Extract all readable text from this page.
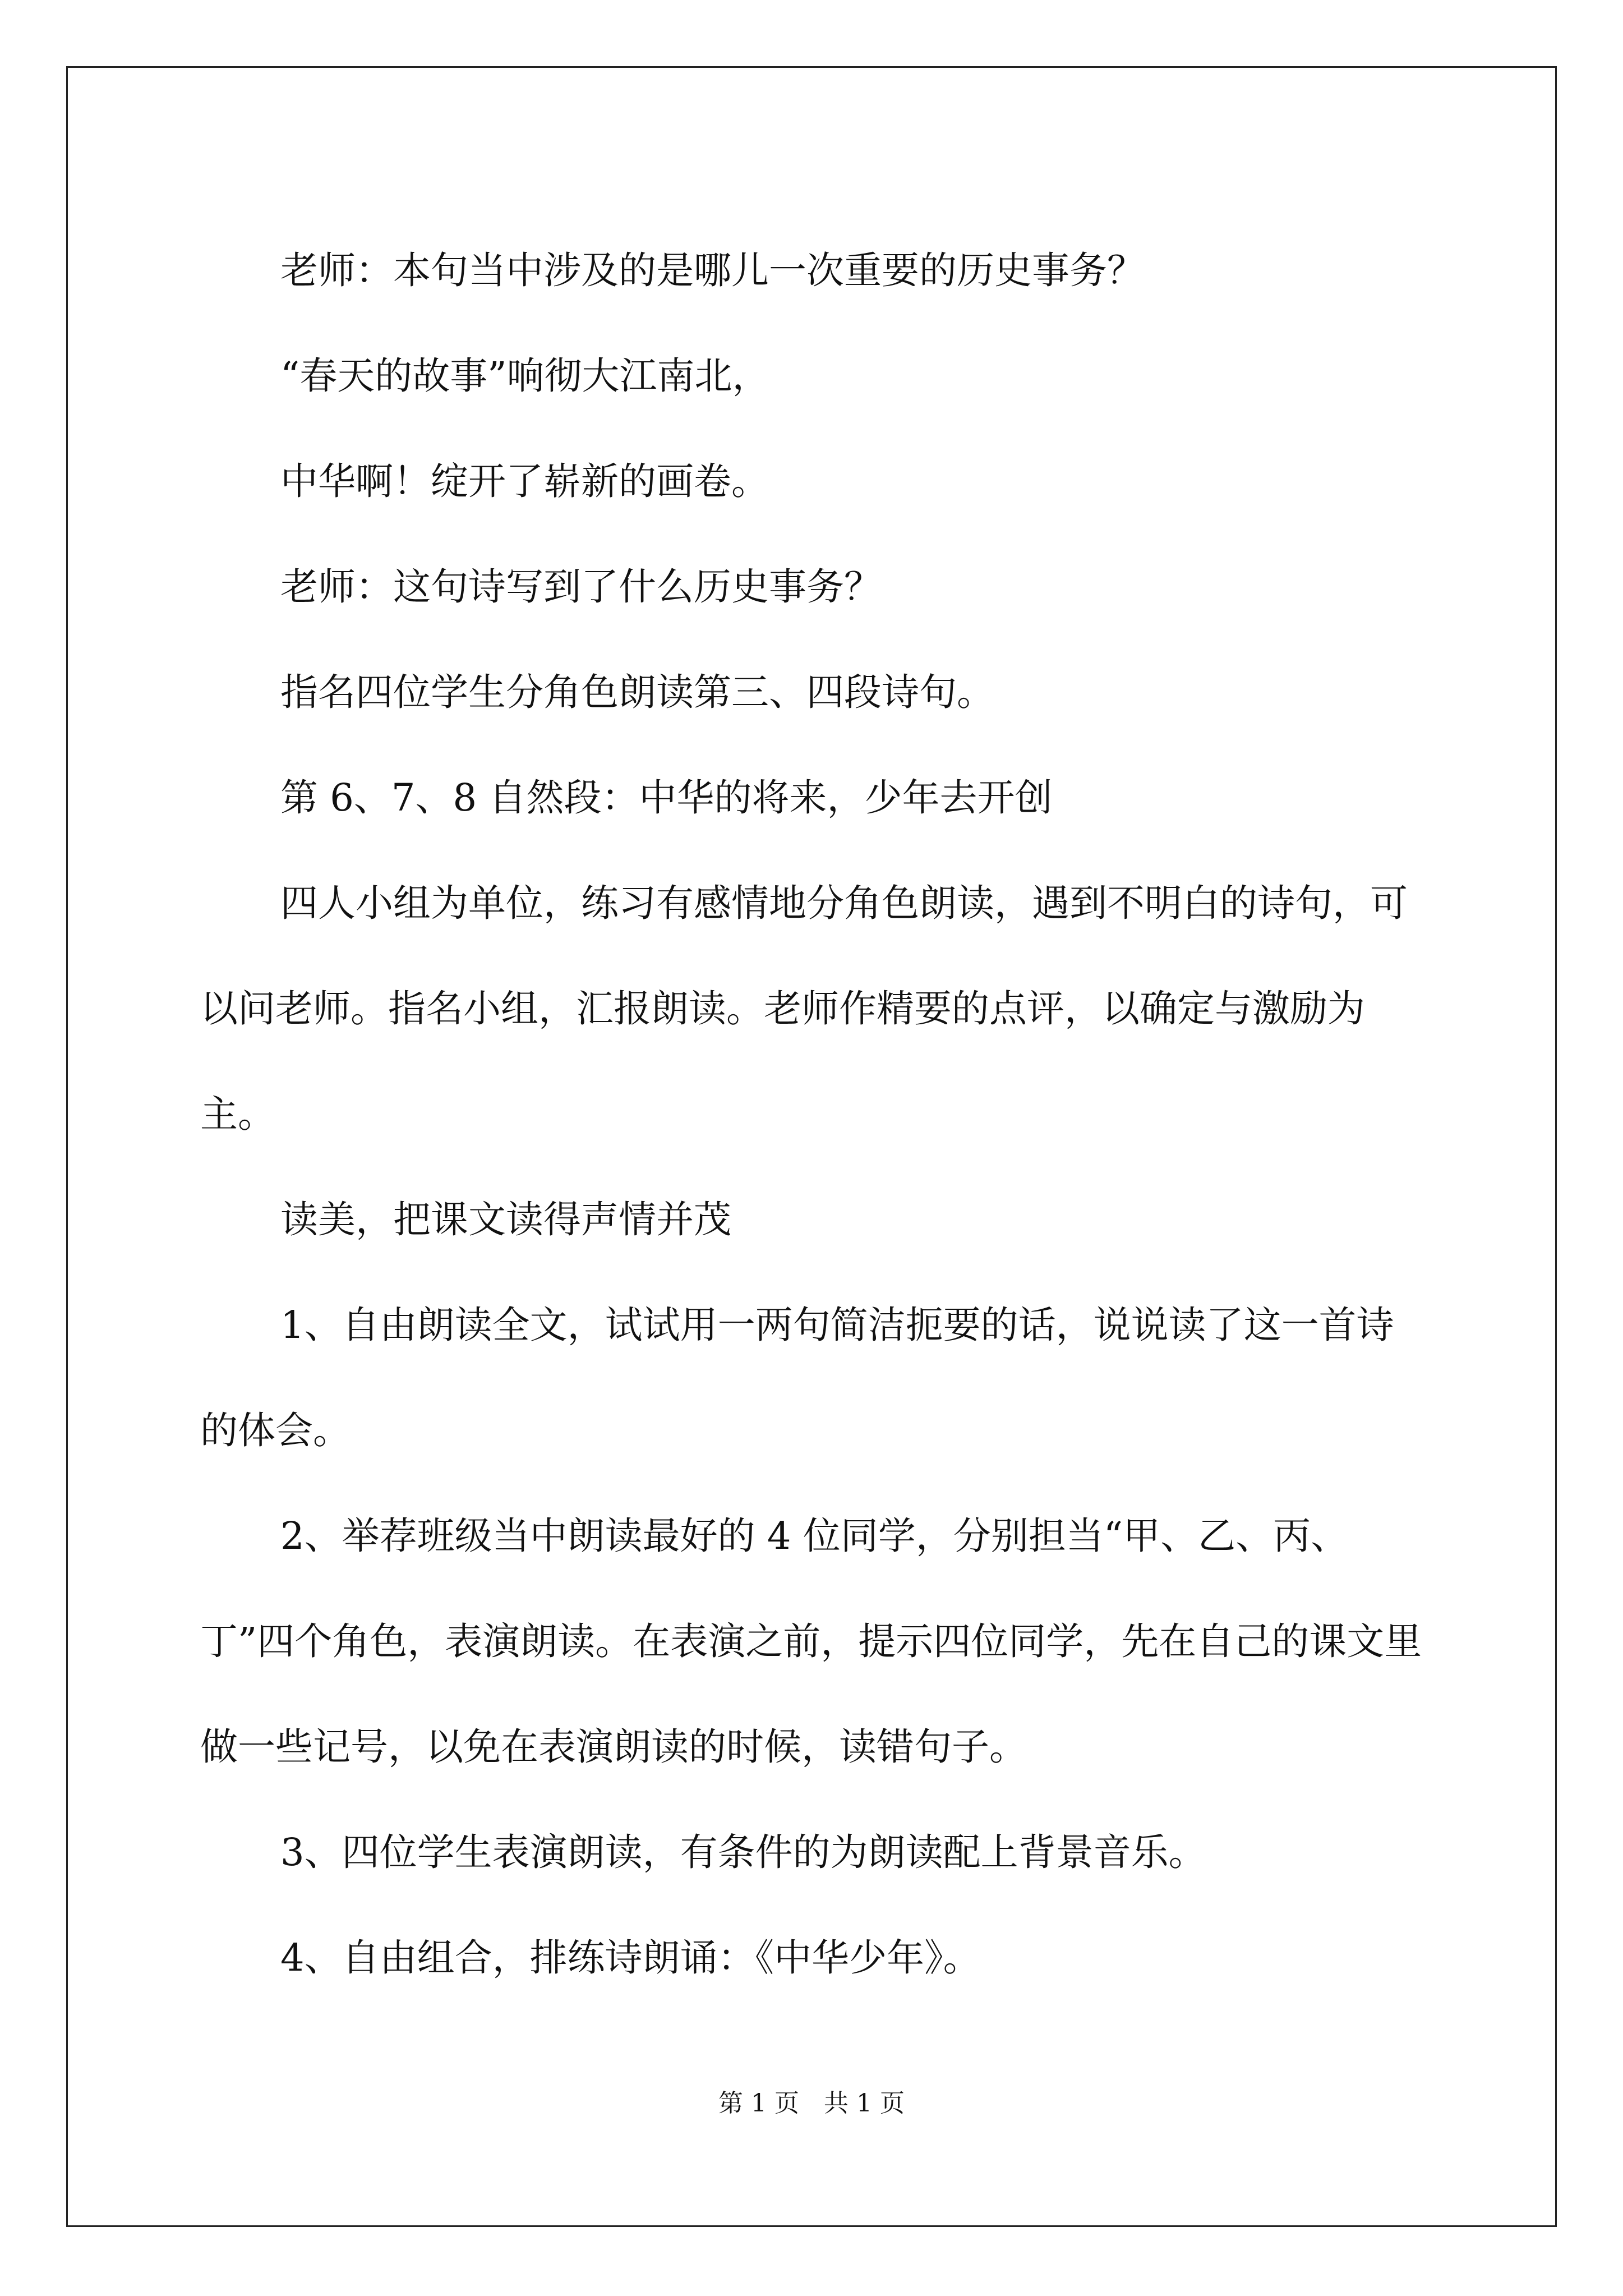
老师：本句当中涉及的是哪儿一次重要的历史事务？

“春天的故事”响彻大江南北，

中华啊！绽开了崭新的画卷。

老师：这句诗写到了什么历史事务？

指名四位学生分角色朗读第三、四段诗句。

第 6、7、8 自然段：中华的将来，少年去开创

四人小组为单位，练习有感情地分角色朗读，遇到不明白的诗句，可以问老师。指名小组，汇报朗读。老师作精要的点评，以确定与激励为主。

读美，把课文读得声情并茂

1、自由朗读全文，试试用一两句简洁扼要的话，说说读了这一首诗的体会。

2、举荐班级当中朗读最好的 4 位同学，分别担当“甲、乙、丙、丁”四个角色，表演朗读。在表演之前，提示四位同学，先在自己的课文里做一些记号，以免在表演朗读的时候，读错句子。

3、四位学生表演朗读，有条件的为朗读配上背景音乐。

4、自由组合，排练诗朗诵：《中华少年》。

第 1 页　共 1 页
